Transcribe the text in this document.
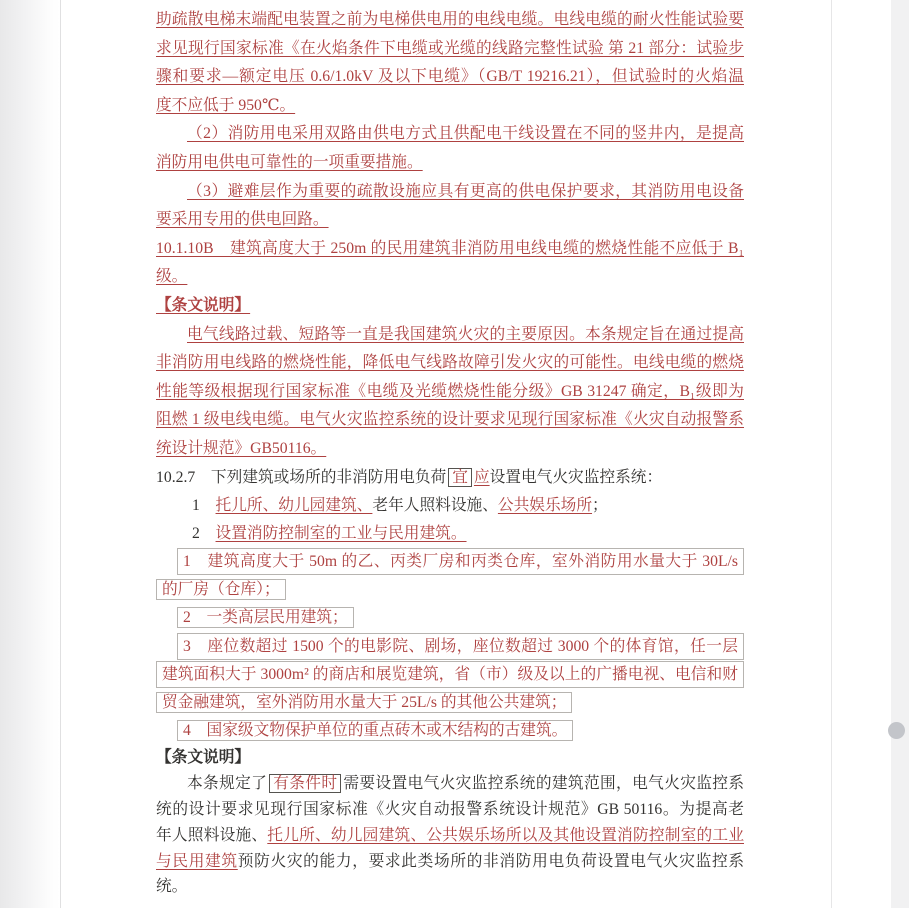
助疏散电梯末端配电装置之前为电梯供电用的电线电缆。电线电缆的耐火性能试验要
求见现行国家标准《在火焰条件下电缆或光缆的线路完整性试验 第 21 部分：试验步
骤和要求—额定电压 0.6/1.0kV 及以下电缆》（GB/T 19216.21），但试验时的火焰温
度不应低于 950℃。
（2）消防用电采用双路由供电方式且供配电干线设置在不同的竖井内，是提高
消防用电供电可靠性的一项重要措施。
（3）避难层作为重要的疏散设施应具有更高的供电保护要求，其消防用电设备
要采用专用的供电回路。
10.1.10B　建筑高度大于 250m 的民用建筑非消防用电线电缆的燃烧性能不应低于 B₁
级。
【条文说明】
电气线路过载、短路等一直是我国建筑火灾的主要原因。本条规定旨在通过提高
非消防用电线路的燃烧性能，降低电气线路故障引发火灾的可能性。电线电缆的燃烧
性能等级根据现行国家标准《电缆及光缆燃烧性能分级》GB 31247 确定，B₁级即为
阻燃 1 级电线电缆。电气火灾监控系统的设计要求见现行国家标准《火灾自动报警系
统设计规范》GB50116。
10.2.7　下列建筑或场所的非消防用电负荷 宜 应设置电气火灾监控系统：
1　托儿所、幼儿园建筑、老年人照料设施、公共娱乐场所；
2　设置消防控制室的工业与民用建筑。
1　建筑高度大于 50m 的乙、丙类厂房和丙类仓库，室外消防用水量大于 30L/s
的厂房（仓库）；
2　一类高层民用建筑；
3　座位数超过 1500 个的电影院、剧场，座位数超过 3000 个的体育馆，任一层
建筑面积大于 3000m² 的商店和展览建筑，省（市）级及以上的广播电视、电信和财
贸金融建筑，室外消防用水量大于 25L/s 的其他公共建筑；
4　国家级文物保护单位的重点砖木或木结构的古建筑。
【条文说明】
本条规定了 有条件时 需要设置电气火灾监控系统的建筑范围，电气火灾监控系
统的设计要求见现行国家标准《火灾自动报警系统设计规范》GB 50116。为提高老
年人照料设施、托儿所、幼儿园建筑、公共娱乐场所以及其他设置消防控制室的工业
与民用建筑预防火灾的能力，要求此类场所的非消防用电负荷设置电气火灾监控系
统。
